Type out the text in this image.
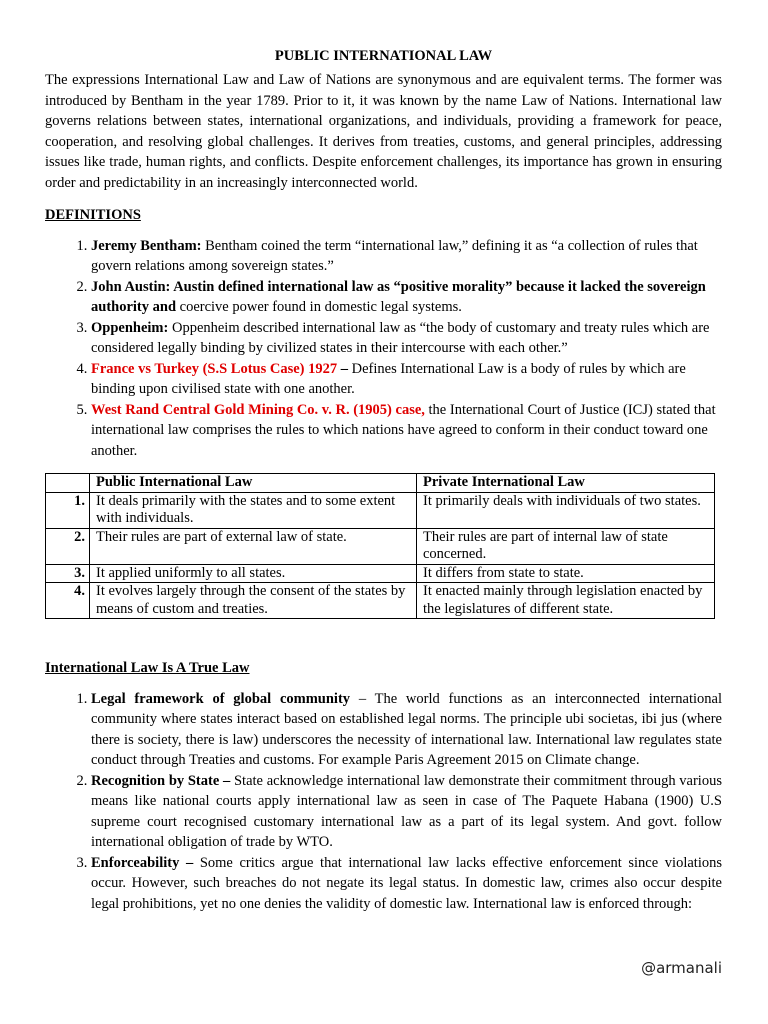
PUBLIC INTERNATIONAL LAW

The expressions International Law and Law of Nations are synonymous and are equivalent terms. The former was introduced by Bentham in the year 1789. Prior to it, it was known by the name Law of Nations. International law governs relations between states, international organizations, and individuals, providing a framework for peace, cooperation, and resolving global challenges. It derives from treaties, customs, and general principles, addressing issues like trade, human rights, and conflicts. Despite enforcement challenges, its importance has grown in ensuring order and predictability in an increasingly interconnected world.

DEFINITIONS
1. Jeremy Bentham: Bentham coined the term “international law,” defining it as “a collection of rules that govern relations among sovereign states.”
2. John Austin: Austin defined international law as “positive morality” because it lacked the sovereign authority and coercive power found in domestic legal systems.
3. Oppenheim: Oppenheim described international law as “the body of customary and treaty rules which are considered legally binding by civilized states in their intercourse with each other.”
4. France vs Turkey (S.S Lotus Case) 1927 – Defines International Law is a body of rules by which are binding upon civilised state with one another.
5. West Rand Central Gold Mining Co. v. R. (1905) case, the International Court of Justice (ICJ) stated that international law comprises the rules to which nations have agreed to conform in their conduct toward one another.
	Public International Law	Private International Law
1.	It deals primarily with the states and to some extent with individuals.	It primarily deals with individuals of two states.
2.	Their rules are part of external law of state.	Their rules are part of internal law of state concerned.
3.	It applied uniformly to all states.	It differs from state to state.
4.	It evolves largely through the consent of the states by means of custom and treaties.	It enacted mainly through legislation enacted by the legislatures of different state.
International Law Is A True Law
1. Legal framework of global community – The world functions as an interconnected international community where states interact based on established legal norms. The principle ubi societas, ibi jus (where there is society, there is law) underscores the necessity of international law. International law regulates state conduct through Treaties and customs. For example Paris Agreement 2015 on Climate change.
2. Recognition by State – State acknowledge international law demonstrate their commitment through various means like national courts apply international law as seen in case of The Paquete Habana (1900) U.S supreme court recognised customary international law as a part of its legal system. And govt. follow international obligation of trade by WTO.
3. Enforceability – Some critics argue that international law lacks effective enforcement since violations occur. However, such breaches do not negate its legal status. In domestic law, crimes also occur despite legal prohibitions, yet no one denies the validity of domestic law. International law is enforced through:
@armanali
